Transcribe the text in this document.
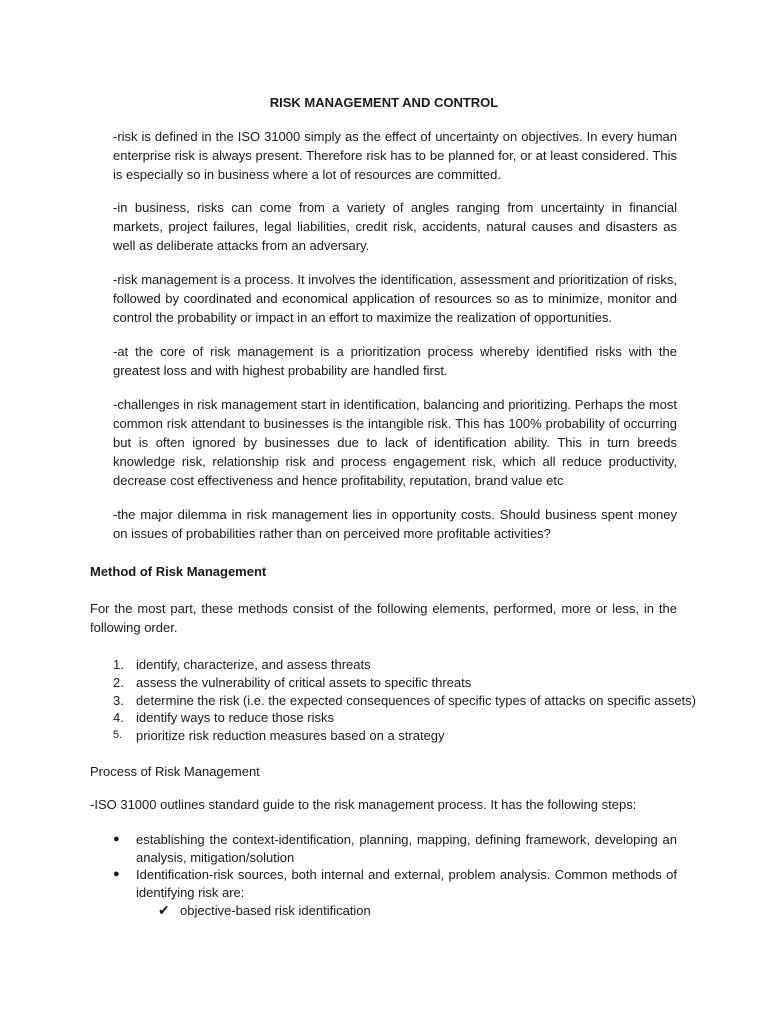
RISK MANAGEMENT AND CONTROL
-risk is defined in the ISO 31000 simply as the effect of uncertainty on objectives. In every human enterprise risk is always present. Therefore risk has to be planned for, or at least considered. This is especially so in business where a lot of resources are committed.
-in business, risks can come from a variety of angles ranging from uncertainty in financial markets, project failures, legal liabilities, credit risk, accidents, natural causes and disasters as well as deliberate attacks from an adversary.
-risk management is a process. It involves the identification, assessment and prioritization of risks, followed by coordinated and economical application of resources so as to minimize, monitor and control the probability or impact in an effort to maximize the realization of opportunities.
-at the core of risk management is a prioritization process whereby identified risks with the greatest loss and with highest probability are handled first.
-challenges in risk management start in identification, balancing and prioritizing. Perhaps the most common risk attendant to businesses is the intangible risk. This has 100% probability of occurring but is often ignored by businesses due to lack of identification ability. This in turn breeds knowledge risk, relationship risk and process engagement risk, which all reduce productivity, decrease cost effectiveness and hence profitability, reputation, brand value etc
-the major dilemma in risk management lies in opportunity costs. Should business spent money on issues of probabilities rather than on perceived more profitable activities?
Method of Risk Management
For the most part, these methods consist of the following elements, performed, more or less, in the following order.
1. identify, characterize, and assess threats
2. assess the vulnerability of critical assets to specific threats
3. determine the risk (i.e. the expected consequences of specific types of attacks on specific assets)
4. identify ways to reduce those risks
5. prioritize risk reduction measures based on a strategy
Process of Risk Management
-ISO 31000 outlines standard guide to the risk management process. It has the following steps:
● establishing the context-identification, planning, mapping, defining framework, developing an analysis, mitigation/solution
● Identification-risk sources, both internal and external, problem analysis. Common methods of identifying risk are:
✔ objective-based risk identification
